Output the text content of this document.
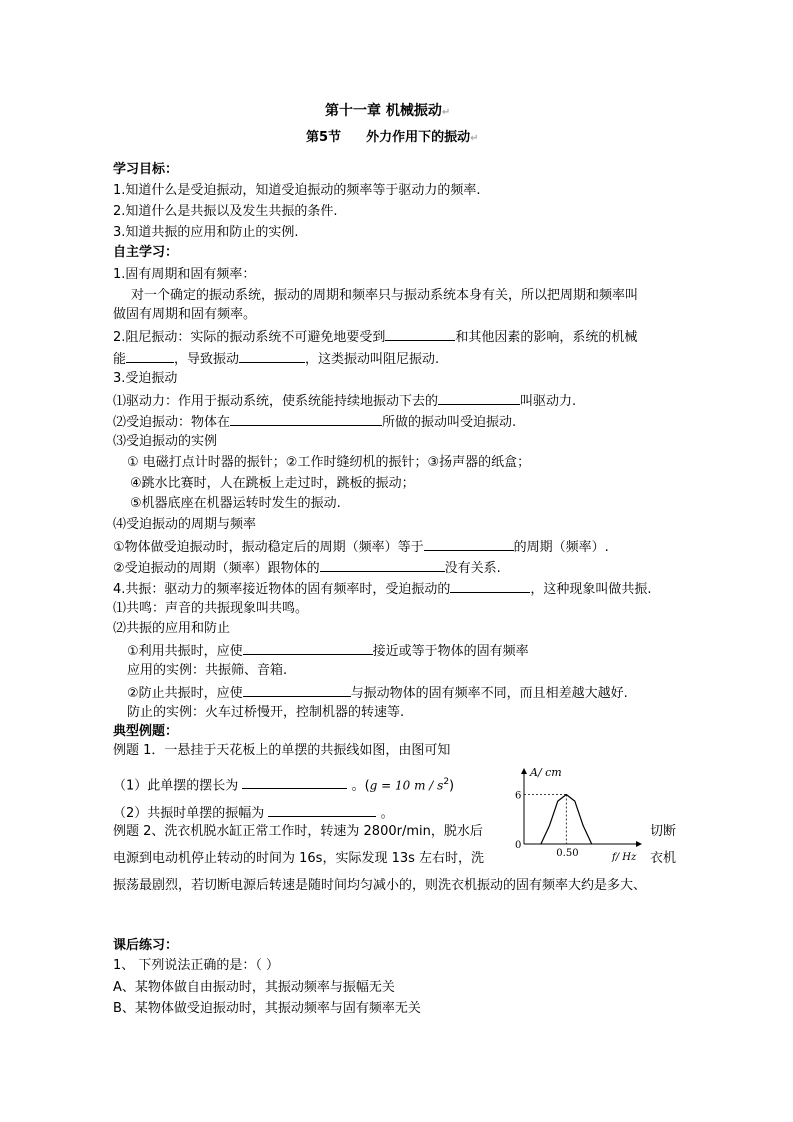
第十一章 机械振动↵
第5节 外力作用下的振动↵
学习目标：
1.知道什么是受迫振动，知道受迫振动的频率等于驱动力的频率.
2.知道什么是共振以及发生共振的条件.
3.知道共振的应用和防止的实例.
自主学习：
1.固有周期和固有频率：
对一个确定的振动系统，振动的周期和频率只与振动系统本身有关，所以把周期和频率叫
做固有周期和固有频率。
2.阻尼振动：实际的振动系统不可避免地要受到	和其他因素的影响，系统的机械
能	，导致振动	，这类振动叫阻尼振动.
3.受迫振动
⑴驱动力：作用于振动系统，使系统能持续地振动下去的	叫驱动力.
⑵受迫振动：物体在	所做的振动叫受迫振动.
⑶受迫振动的实例
① 电磁打点计时器的振针；②工作时缝纫机的振针；③扬声器的纸盒；
④跳水比赛时，人在跳板上走过时，跳板的振动；
⑤机器底座在机器运转时发生的振动.
⑷受迫振动的周期与频率
①物体做受迫振动时，振动稳定后的周期（频率）等于	的周期（频率）.
②受迫振动的周期（频率）跟物体的	没有关系.
4.共振：驱动力的频率接近物体的固有频率时，受迫振动的	，这种现象叫做共振.
⑴共鸣：声音的共振现象叫共鸣。
⑵共振的应用和防止
①利用共振时，应使	接近或等于物体的固有频率
应用的实例：共振筛、音箱.
②防止共振时，应使	与振动物体的固有频率不同，而且相差越大越好.
防止的实例：火车过桥慢开，控制机器的转速等.
典型例题：
例题 1．一悬挂于天花板上的单摆的共振线如图，由图可知
（1）此单摆的摆长为	。(g = 10 m / $s^2$)
（2）共振时单摆的振幅为	。
例题 2、洗衣机脱水缸正常工作时，转速为 2800r/min，脱水后	切断
电源到电动机停止转动的时间为 16s，实际发现 13s 左右时，洗	衣机
振荡最剧烈，若切断电源后转速是随时间均匀减小的，则洗衣机振动的固有频率大约是多大、
A/ cm
f/ Hz
0
6
0.50
课后练习：
1、 下列说法正确的是：（ ）
A、某物体做自由振动时，其振动频率与振幅无关
B、某物体做受迫振动时，其振动频率与固有频率无关
